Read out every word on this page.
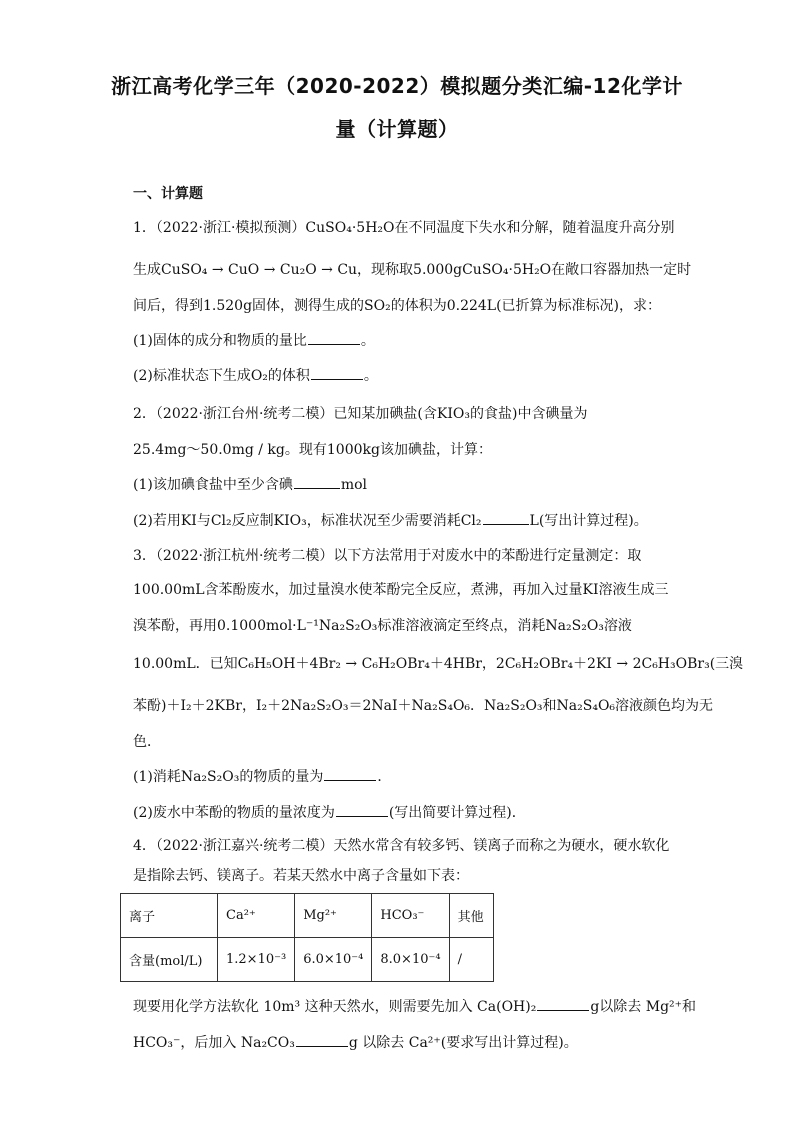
浙江高考化学三年（2020-2022）模拟题分类汇编-12化学计
量（计算题）
一、计算题
1．（2022·浙江·模拟预测）CuSO₄·5H₂O在不同温度下失水和分解，随着温度升高分别
生成CuSO₄ → CuO → Cu₂O → Cu，现称取5.000gCuSO₄·5H₂O在敞口容器加热一定时
间后，得到1.520g固体，测得生成的SO₂的体积为0.224L(已折算为标准标况)，求：
(1)固体的成分和物质的量比	。
(2)标准状态下生成O₂的体积	。
2．（2022·浙江台州·统考二模）已知某加碘盐(含KIO₃的食盐)中含碘量为
25.4mg～50.0mg / kg。现有1000kg该加碘盐，计算：
(1)该加碘食盐中至少含碘	mol
(2)若用KI与Cl₂反应制KIO₃，标准状况至少需要消耗Cl₂	L(写出计算过程)。
3．（2022·浙江杭州·统考二模）以下方法常用于对废水中的苯酚进行定量测定：取
100.00mL含苯酚废水，加过量溴水使苯酚完全反应，煮沸，再加入过量KI溶液生成三
溴苯酚，再用0.1000mol·L⁻¹Na₂S₂O₃标准溶液滴定至终点，消耗Na₂S₂O₃溶液
10.00mL．已知C₆H₅OH＋4Br₂ → C₆H₂OBr₄＋4HBr，2C₆H₂OBr₄＋2KI → 2C₆H₃OBr₃(三溴
苯酚)＋I₂＋2KBr，I₂＋2Na₂S₂O₃＝2NaI＋Na₂S₄O₆．Na₂S₂O₃和Na₂S₄O₆溶液颜色均为无
色．
(1)消耗Na₂S₂O₃的物质的量为	．
(2)废水中苯酚的物质的量浓度为	(写出简要计算过程)．
4．（2022·浙江嘉兴·统考二模）天然水常含有较多钙、镁离子而称之为硬水，硬水软化
是指除去钙、镁离子。若某天然水中离子含量如下表：
离子	Ca²⁺	Mg²⁺	HCO₃⁻	其他
含量(mol/L)	1.2×10⁻³	6.0×10⁻⁴	8.0×10⁻⁴	/
现要用化学方法软化 10m³ 这种天然水，则需要先加入 Ca(OH)₂	g以除去 Mg²⁺和
HCO₃⁻，后加入 Na₂CO₃	g 以除去 Ca²⁺(要求写出计算过程)。
